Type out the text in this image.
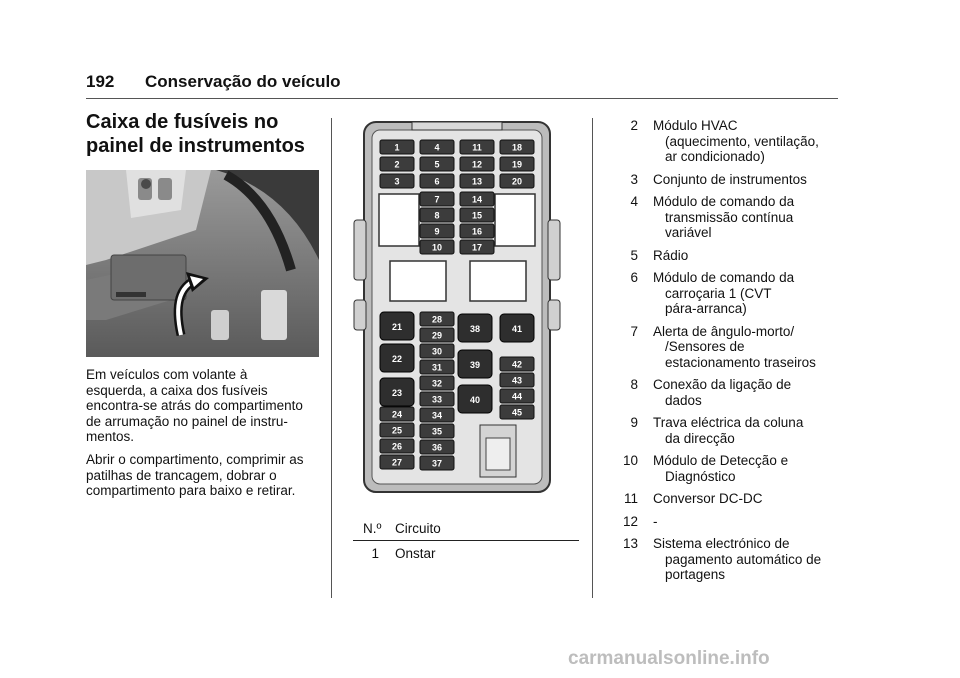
192 Conservação do veículo
Caixa de fusíveis no
painel de instrumentos
Em veículos com volante à
esquerda, a caixa dos fusíveis
encontra-se atrás do compartimento
de arrumação no painel de instru-
mentos.
Abrir o compartimento, comprimir as
patilhas de trancagem, dobrar o
compartimento para baixo e retirar.
1
2
3
4
5
6
11
12
13
18
19
20
7
8
9
10
14
15
16
17
28
29
30
31
32
33
34
35
36
37
24
25
26
27
42
43
44
45
21
22
23
38
39
40
41
N.º Circuito
1 Onstar
2 Módulo HVAC
(aquecimento, ventilação,
ar condicionado)
3 Conjunto de instrumentos
4 Módulo de comando da
transmissão contínua
variável
5 Rádio
6 Módulo de comando da
carroçaria 1 (CVT
pára-arranca)
7 Alerta de ângulo-morto/
/Sensores de
estacionamento traseiros
8 Conexão da ligação de
dados
9 Trava eléctrica da coluna
da direcção
10 Módulo de Detecção e
Diagnóstico
11 Conversor DC-DC
12 -
13 Sistema electrónico de
pagamento automático de
portagens
carmanualsonline.info
